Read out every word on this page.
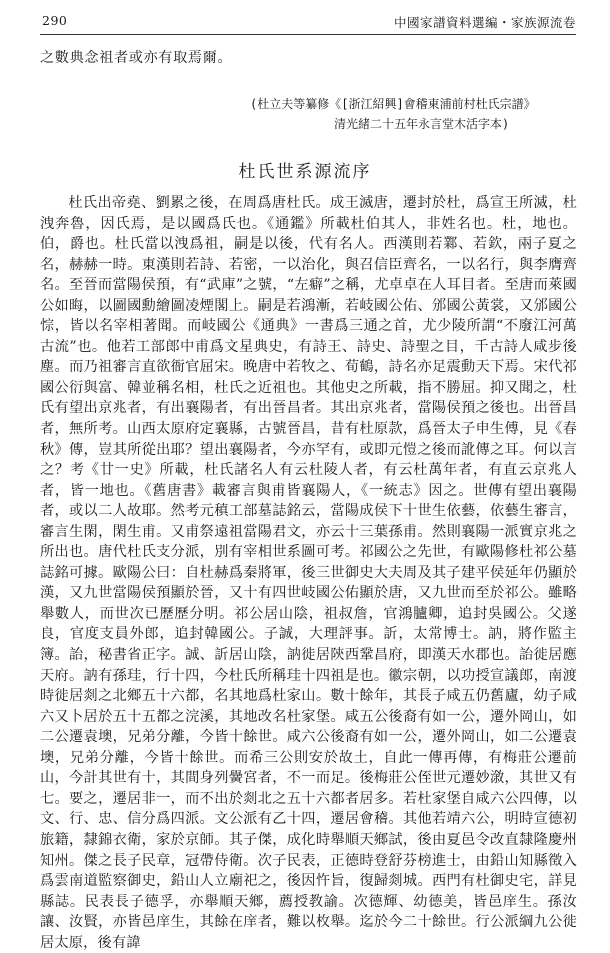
290	中國家譜資料選編・家族源流卷
之數典念祖者或亦有取焉爾。
(杜立夫等纂修《[浙江紹興]會稽東浦前村杜氏宗譜》
清光緒二十五年永言堂木活字本)
杜氏世系源流序
杜氏出帝堯、劉累之後，在周爲唐杜氏。成王滅唐，遷封於杜，爲宣王所滅，杜洩奔魯，因氏焉，是以國爲氏也。《通鑑》所載杜伯其人，非姓名也。杜，地也。伯，爵也。杜氏當以洩爲祖，嗣是以後，代有名人。西漢則若鄴、若欽，兩子夏之名，赫赫一時。東漢則若詩、若密，一以治化，與召信臣齊名，一以名行，與李膺齊名。至晉而當陽侯預，有“武庫”之號，“左癖”之稱，尤卓卓在人耳目者。至唐而萊國公如晦，以圖國勳繪圖凌煙閣上。嗣是若鴻漸，若岐國公佑、邠國公黃裳，又邠國公悰，皆以名宰相著聞。而岐國公《通典》一書爲三通之首，尤少陵所謂“不廢江河萬古流”也。他若工部郎中甫爲文星典史，有詩王、詩史、詩聖之目，千古詩人咸步後塵。而乃祖審言直欲衙官屈宋。晚唐中若牧之、荀鶴，詩名亦足震動天下焉。宋代祁國公衍與富、韓並稱名相，杜氏之近祖也。其他史之所載，指不勝屈。抑又聞之，杜氏有望出京兆者，有出襄陽者，有出晉昌者。其出京兆者，當陽侯預之後也。出晉昌者，無所考。山西太原府定襄縣，古號晉昌，昔有杜原款，爲晉太子申生傅，見《春秋》傳，豈其所從出耶？望出襄陽者，今亦罕有，或即元愷之後而訛傳之耳。何以言之？考《廿一史》所載，杜氏諸名人有云杜陵人者，有云杜萬年者，有直云京兆人者，皆一地也。《舊唐書》載審言與甫皆襄陽人，《一統志》因之。世傳有望出襄陽者，或以二人故耶。然考元稹工部墓誌銘云，當陽成侯下十世生依藝，依藝生審言，審言生閑，閑生甫。又甫祭遠祖當陽君文，亦云十三葉孫甫。然則襄陽一派實京兆之所出也。唐代杜氏支分派，別有宰相世系圖可考。祁國公之先世，有歐陽修杜祁公墓誌銘可據。歐陽公曰：自杜赫爲秦將軍，後三世御史大夫周及其子建平侯延年仍顯於漢，又九世當陽侯預顯於晉，又十有四世岐國公佑顯於唐，又九世而至於祁公。雖略舉數人，而世次已歷歷分明。祁公居山陰，祖叔詹，官鴻臚卿，追封吳國公。父遂良，官度支員外郎，追封韓國公。子誠，大理評事。訢，太常博士。訥，將作監主簿。詒，秘書省正字。誠、訢居山陰，訥徙居陝西鞏昌府，即漢天水郡也。詒徙居應天府。訥有孫珪，行十四，今杜氏所稱珪十四祖是也。徽宗朝，以功授宣議郎，南渡時徙居剡之北鄉五十六都，名其地爲杜家山。數十餘年，其長子咸五仍舊廬，幼子咸六又卜居於五十五都之浣溪，其地改名杜家堡。咸五公後裔有如一公，遷外岡山，如二公遷袁墺，兄弟分離，今皆十餘世。咸六公後裔有如一公，遷外岡山，如二公遷袁墺，兄弟分離，今皆十餘世。而希三公則安於故土，自此一傳再傳，有梅莊公遷前山，今計其世有十，其間身列黌宮者，不一而足。後梅莊公侄世元遷妙漵，其世又有七。要之，遷居非一，而不出於剡北之五十六都者居多。若杜家堡自咸六公四傳，以文、行、忠、信分爲四派。文公派有乙十四，遷居會稽。其他若靖六公，明時宣德初旅籍，隸錦衣衛，家於京師。其子傑，成化時舉順天鄉試，後由夏邑令改直隸隆慶州知州。傑之長子民章，冠帶侍衛。次子民表，正德時登舒芬榜進士，由鉛山知縣徵入爲雲南道監察御史，鉛山人立廟祀之，後因忤旨，復歸剡城。西門有杜御史宅，詳見縣誌。民表長子德孚，亦舉順天鄉，薦授教諭。次德輝、幼德美，皆邑庠生。孫汝讓、汝賢，亦皆邑庠生，其餘在庠者，難以枚舉。迄於今二十餘世。行公派綱九公徙居太原，後有諱
